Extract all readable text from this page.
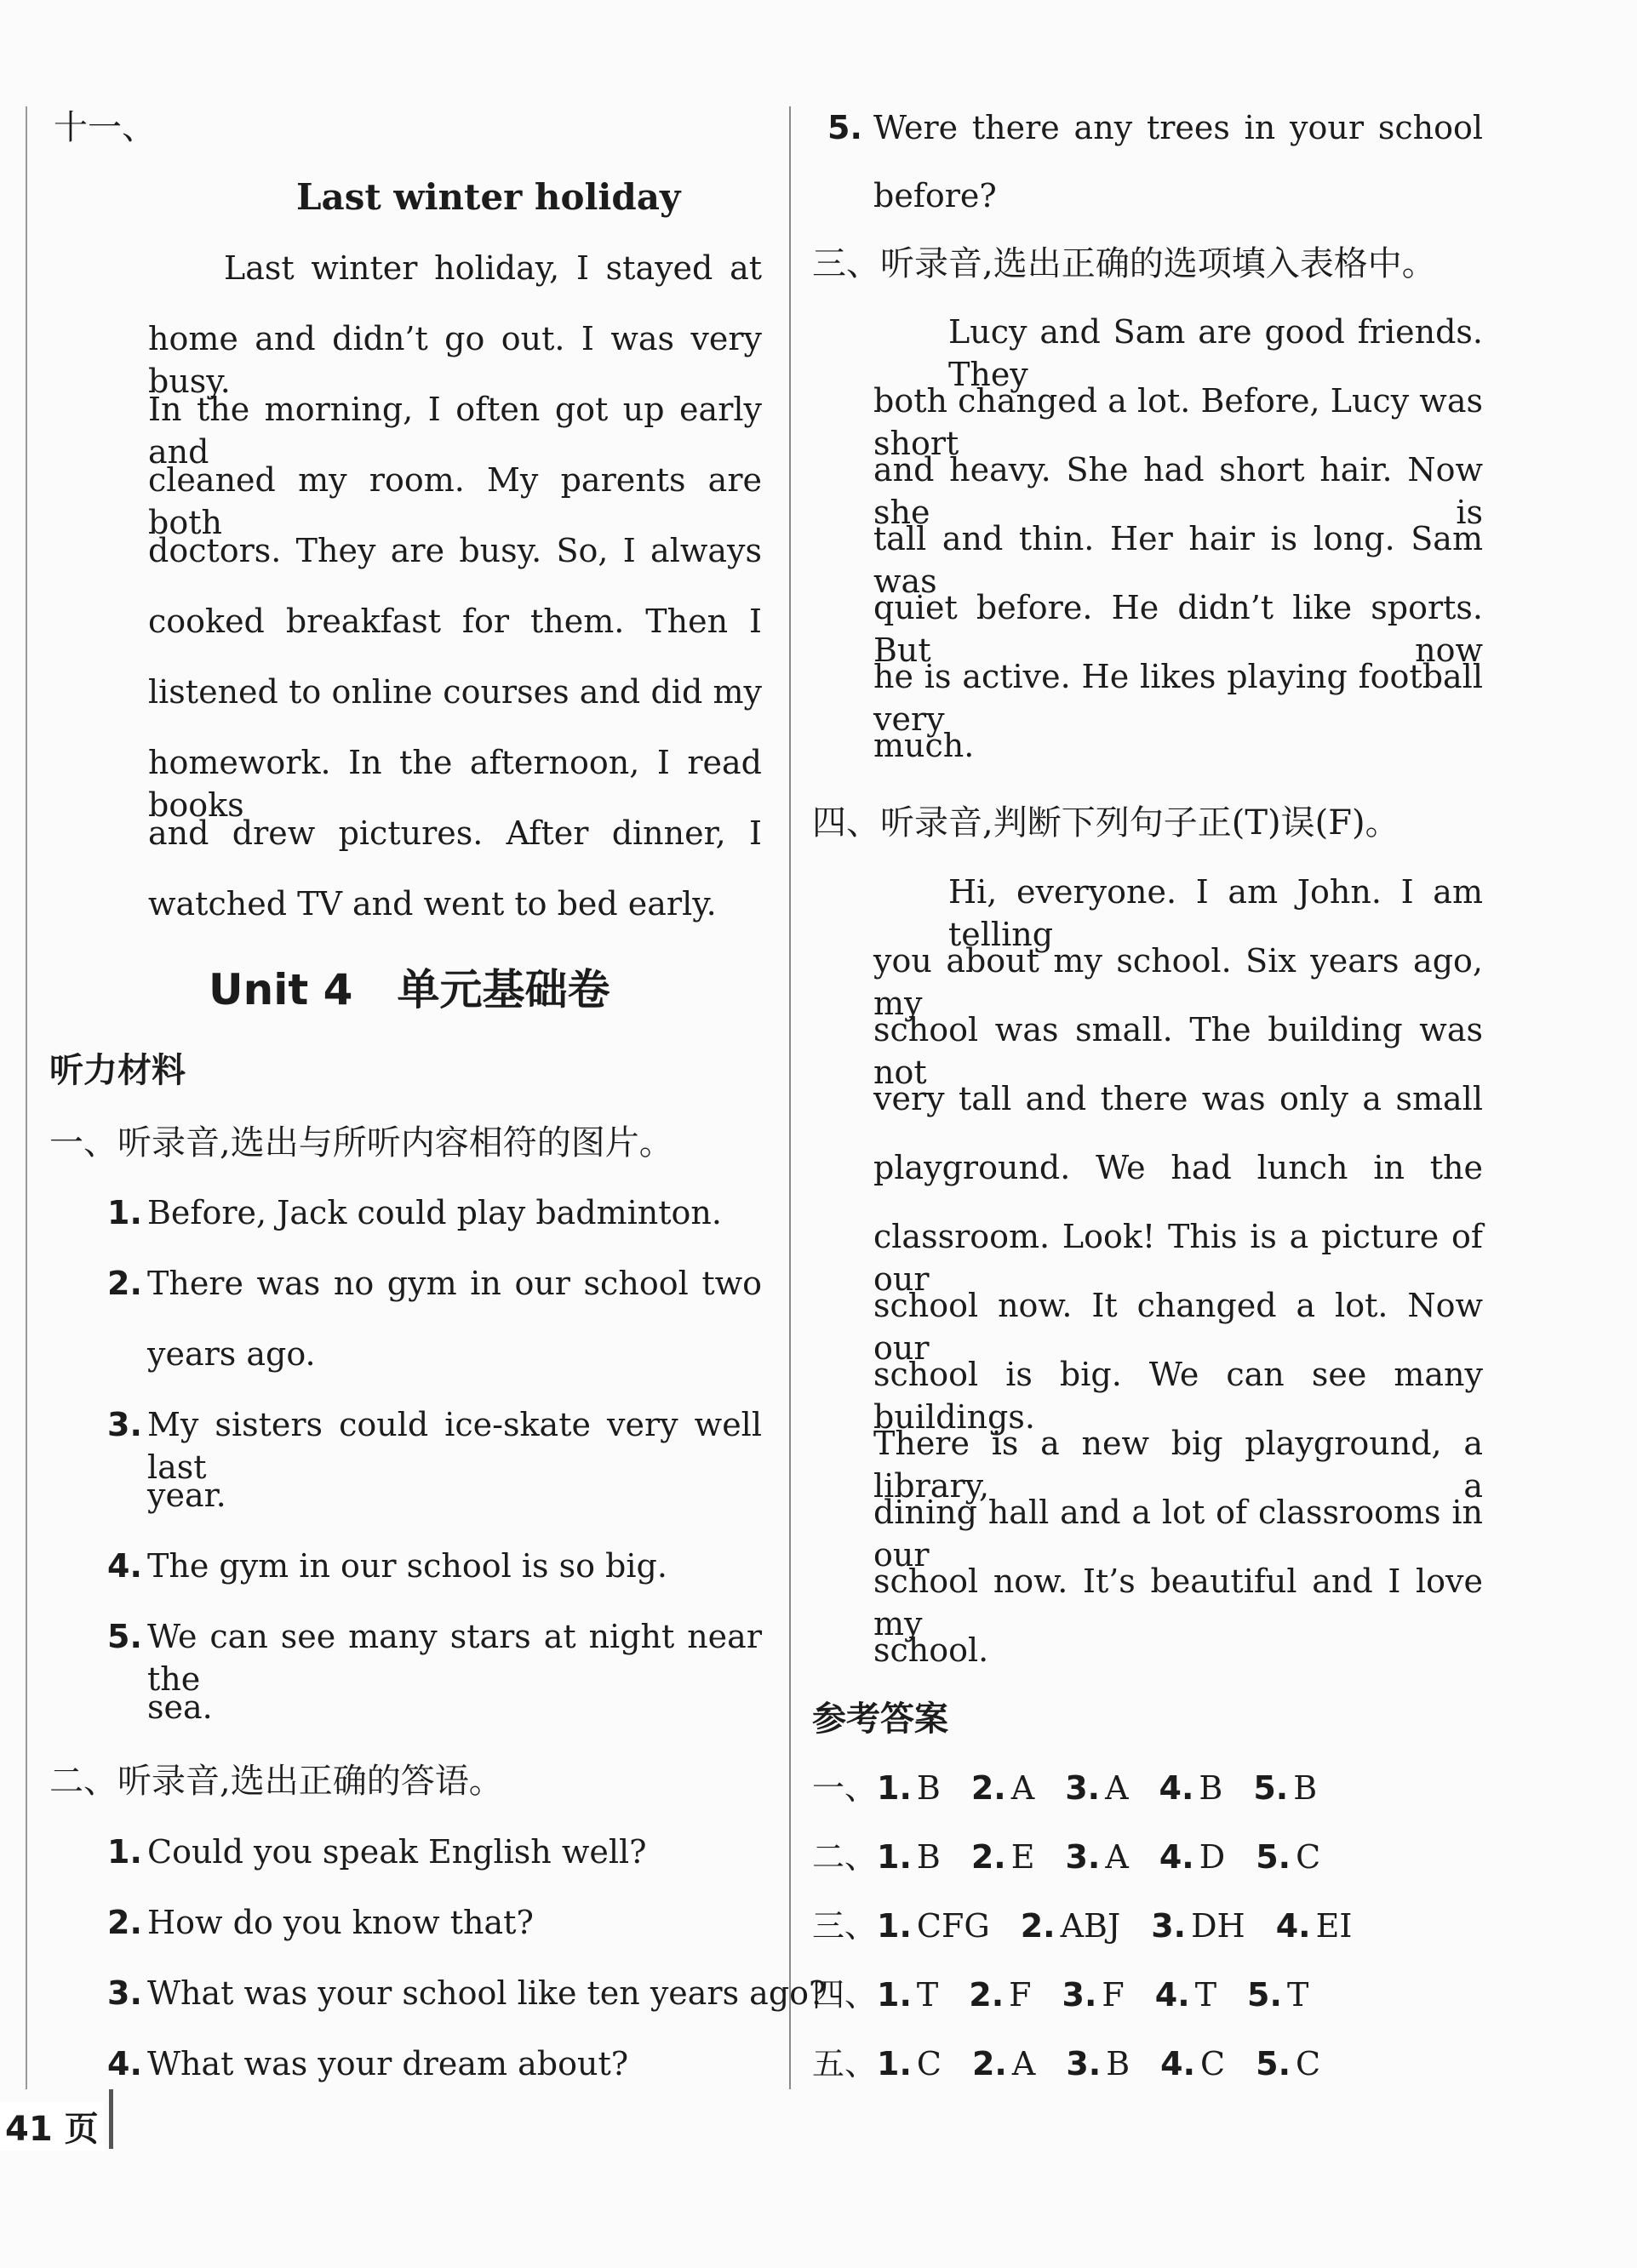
十一、
Last winter holiday
Last winter holiday, I stayed at
home and didn’t go out. I was very busy.
In the morning, I often got up early and
cleaned my room. My parents are both
doctors. They are busy. So, I always
cooked breakfast for them. Then I
listened to online courses and did my
homework. In the afternoon, I read books
and drew pictures. After dinner, I
watched TV and went to bed early.
Unit 4 单元基础卷
听力材料
一、听录音,选出与所听内容相符的图片。
1. Before, Jack could play badminton.
2. There was no gym in our school two
years ago.
3. My sisters could ice-skate very well last
year.
4. The gym in our school is so big.
5. We can see many stars at night near the
sea.
二、听录音,选出正确的答语。
1. Could you speak English well?
2. How do you know that?
3. What was your school like ten years ago?
4. What was your dream about?
41 页
5. Were there any trees in your school
before?
三、听录音,选出正确的选项填入表格中。
Lucy and Sam are good friends. They
both changed a lot. Before, Lucy was short
and heavy. She had short hair. Now she is
tall and thin. Her hair is long. Sam was
quiet before. He didn’t like sports. But now
he is active. He likes playing football very
much.
四、听录音,判断下列句子正(T)误(F)。
Hi, everyone. I am John. I am telling
you about my school. Six years ago, my
school was small. The building was not
very tall and there was only a small
playground. We had lunch in the
classroom. Look! This is a picture of our
school now. It changed a lot. Now our
school is big. We can see many buildings.
There is a new big playground, a library, a
dining hall and a lot of classrooms in our
school now. It’s beautiful and I love my
school.
参考答案
一、1. B 2. A 3. A 4. B 5. B
二、1. B 2. E 3. A 4. D 5. C
三、1. CFG 2. ABJ 3. DH 4. EI
四、1. T 2. F 3. F 4. T 5. T
五、1. C 2. A 3. B 4. C 5. C
